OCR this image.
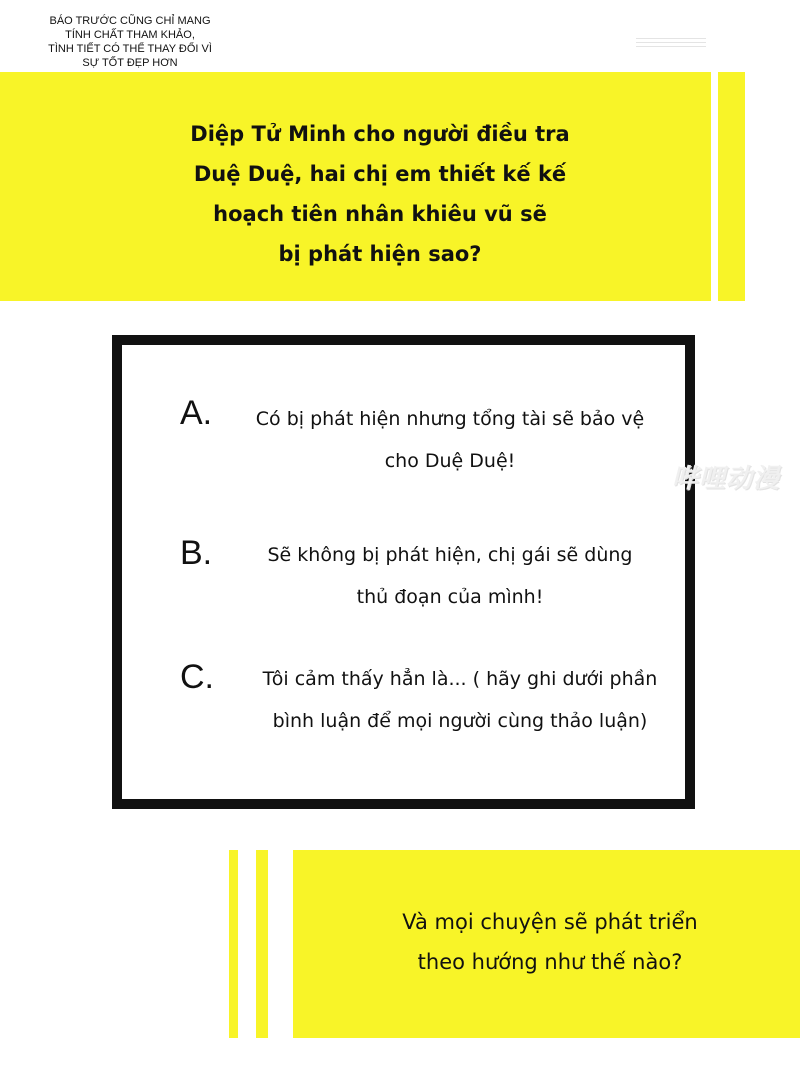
BÁO TRƯỚC CŨNG CHỈ MANG
TÍNH CHẤT THAM KHẢO,
TÌNH TIẾT CÓ THỂ THAY ĐỔI VÌ
SỰ TỐT ĐẸP HƠN
Diệp Tử Minh cho người điều tra
Duệ Duệ, hai chị em thiết kế kế
hoạch tiên nhân khiêu vũ sẽ
bị phát hiện sao?
A.	Có bị phát hiện nhưng tổng tài sẽ bảo vệ
cho Duệ Duệ!
B.	Sẽ không bị phát hiện, chị gái sẽ dùng
thủ đoạn của mình!
C.	Tôi cảm thấy hẳn là... ( hãy ghi dưới phần
bình luận để mọi người cùng thảo luận)
哔哩动漫
Và mọi chuyện sẽ phát triển
theo hướng như thế nào?
